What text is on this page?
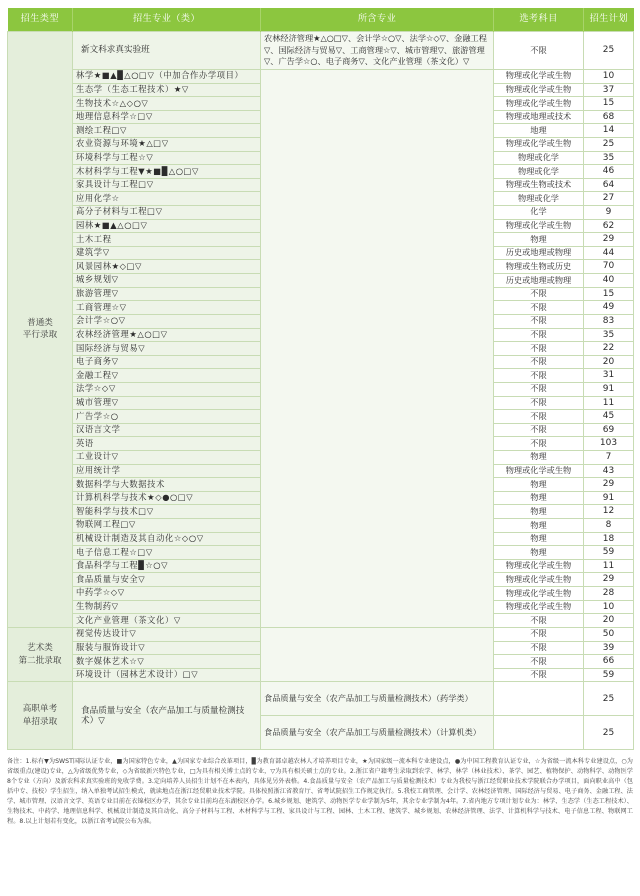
招生类型	招生专业（类）	所含专业	选考科目	招生计划
普通类
平行录取	新文科求真实验班	农林经济管理★△○□▽、会计学☆○▽、法学☆◇▽、金融工程▽、国际经济与贸易▽、工商管理☆▽、城市管理▽、旅游管理▽、广告学☆○、电子商务▽、文化产业管理（茶文化）▽	不限	25
	林学★■▲▉△○□▽（中加合作办学项目）		物理或化学或生物	10
	生态学（生态工程技术）★▽		物理或化学或生物	37
	生物技术☆△◇○▽		物理或化学或生物	15
	地理信息科学☆□▽		物理或地理或技术	68
	测绘工程□▽		地理	14
	农业资源与环境★△□▽		物理或化学或生物	25
	环境科学与工程☆▽		物理或化学	35
	木材科学与工程▼★■▉△○□▽		物理或化学	46
	家具设计与工程□▽		物理或生物或技术	64
	应用化学☆		物理或化学	27
	高分子材料与工程□▽		化学	9
	园林★■▲△○□▽		物理或化学或生物	62
	土木工程		物理	29
	建筑学▽		历史或地理或物理	44
	风景园林★◇□▽		物理或生物或历史	70
	城乡规划▽		历史或地理或物理	40
	旅游管理▽		不限	15
	工商管理☆▽		不限	49
	会计学☆○▽		不限	83
	农林经济管理★△○□▽		不限	35
	国际经济与贸易▽		不限	22
	电子商务▽		不限	20
	金融工程▽		不限	31
	法学☆◇▽		不限	91
	城市管理▽		不限	11
	广告学☆○		不限	45
	汉语言文学		不限	69
	英语		不限	103
	工业设计▽		物理	7
	应用统计学		物理或化学或生物	43
	数据科学与大数据技术		物理	29
	计算机科学与技术★◇●○□▽		物理	91
	智能科学与技术□▽		物理	12
	物联网工程□▽		物理	8
	机械设计制造及其自动化☆◇○▽		物理	18
	电子信息工程☆□▽		物理	59
	食品科学与工程▉☆○▽		物理或化学或生物	11
	食品质量与安全▽		物理或化学或生物	29
	中药学☆◇▽		物理或化学或生物	28
	生物制药▽		物理或化学或生物	10
	文化产业管理（茶文化）▽		不限	20
艺术类
第二批录取	视觉传达设计▽		不限	50
	服装与服饰设计▽		不限	39
	数字媒体艺术☆▽		不限	66
	环境设计（园林艺术设计）□▽		不限	59
高职单考
单招录取	食品质量与安全（农产品加工与质量检测技术）▽	食品质量与安全（农产品加工与质量检测技术）（药学类）		25
		食品质量与安全（农产品加工与质量检测技术）（计算机类）		25
备注：1.标有▼为SWST国际认证专业，■为国家特色专业，▲为国家专业综合改革项目，▉为教育部卓越农林人才培养项目专业，★为国家级一流本科专业建设点，●为中国工程教育认证专业，☆为省级一流本科专业建设点，○为省级重点(建设)专业，△为省级优势专业，◇为省级新兴特色专业，□为具有相关博士点的专业，▽为具有相关硕士点的专业。2.浙江省户籍考生录取到农学、林学、林学（林业技术）、茶学、园艺、植物保护、动物科学、动物医学8个专业（方向）及新农科求真实验班的免收学费。3.定向培养人员招生计划不在本表内，具体见另外表格。4.食品质量与安全（农产品加工与质量检测技术）专业为我校与浙江经贸职业技术学院联合办学项目，面向职业高中（包括中专、技校）学生招生，纳入单独考试招生模式，就读地点在浙江经贸职业技术学院。具体按照浙江省教育厅、省考试院招生工作规定执行。5.我校工商管理、会计学、农林经济管理、国际经济与贸易、电子商务、金融工程、法学、城市管理、汉语言文学、英语专业目前在衣锦校区办学，其余专业目前均在东湖校区办学。6.城乡规划、建筑学、动物医学专业学制为5年，其余专业学制为4年。7.省内地方专项计划专业为：林学、生态学（生态工程技术）、生物技术、中药学、地理信息科学、机械设计制造及其自动化、高分子材料与工程、木材科学与工程、家具设计与工程、园林、土木工程、建筑学、城乡规划、农林经济管理、法学、计算机科学与技术、电子信息工程、物联网工程。8.以上计划若有变化，以浙江省考试院公布为准。
